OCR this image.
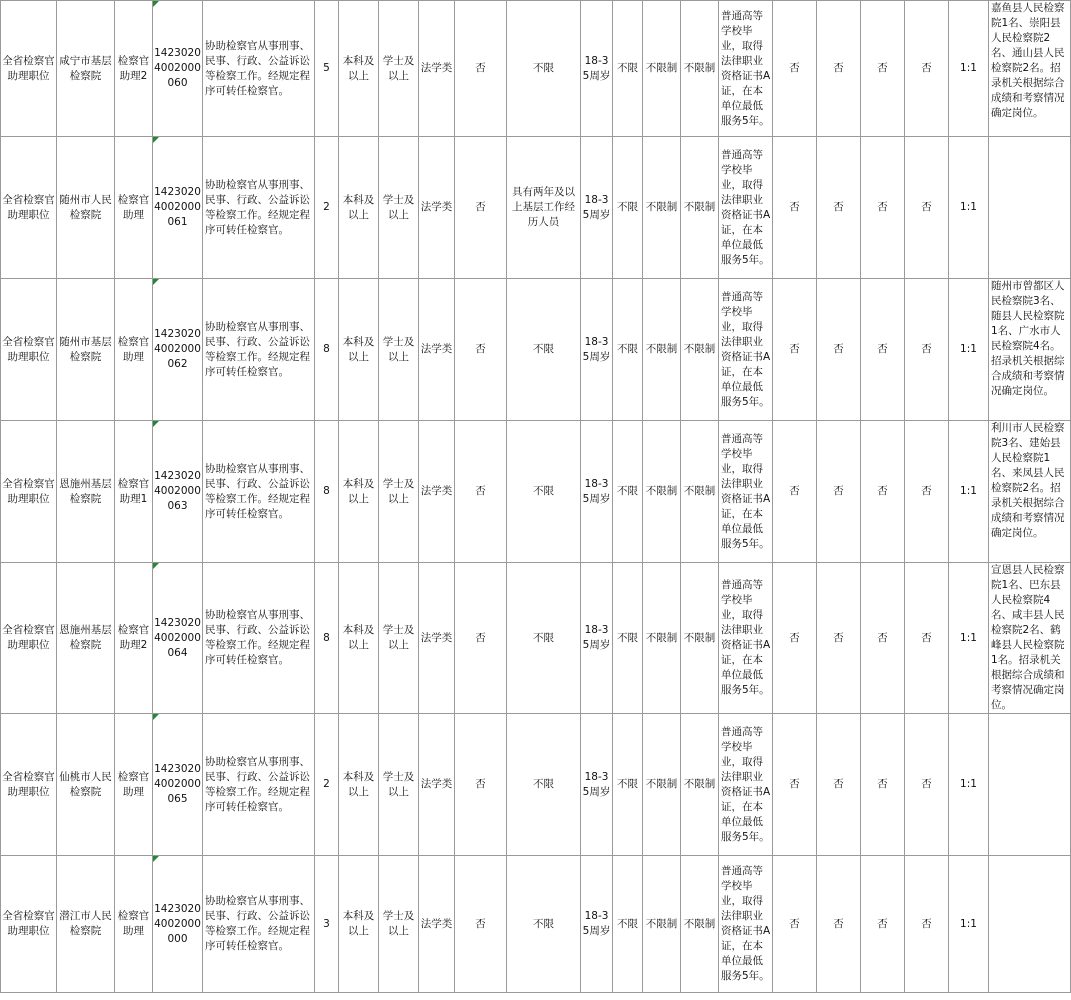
全省检察官助理职位	咸宁市基层检察院	检察官助理2	14230204002000060	协助检察官从事刑事、民事、行政、公益诉讼等检察工作。经规定程序可转任检察官。	5	本科及以上	学士及以上	法学类	否	不限	18-35周岁	不限	不限制	不限制	普通高等学校毕业，取得法律职业资格证书A证，在本单位最低服务5年。	否	否	否	否	1:1	嘉鱼县人民检察院1名、崇阳县人民检察院2名、通山县人民检察院2名。招录机关根据综合成绩和考察情况确定岗位。
全省检察官助理职位	随州市人民检察院	检察官助理	14230204002000061	协助检察官从事刑事、民事、行政、公益诉讼等检察工作。经规定程序可转任检察官。	2	本科及以上	学士及以上	法学类	否	具有两年及以上基层工作经历人员	18-35周岁	不限	不限制	不限制	普通高等学校毕业，取得法律职业资格证书A证，在本单位最低服务5年。	否	否	否	否	1:1	
全省检察官助理职位	随州市基层检察院	检察官助理	14230204002000062	协助检察官从事刑事、民事、行政、公益诉讼等检察工作。经规定程序可转任检察官。	8	本科及以上	学士及以上	法学类	否	不限	18-35周岁	不限	不限制	不限制	普通高等学校毕业，取得法律职业资格证书A证，在本单位最低服务5年。	否	否	否	否	1:1	随州市曾都区人民检察院3名、随县人民检察院1名、广水市人民检察院4名。招录机关根据综合成绩和考察情况确定岗位。
全省检察官助理职位	恩施州基层检察院	检察官助理1	14230204002000063	协助检察官从事刑事、民事、行政、公益诉讼等检察工作。经规定程序可转任检察官。	8	本科及以上	学士及以上	法学类	否	不限	18-35周岁	不限	不限制	不限制	普通高等学校毕业，取得法律职业资格证书A证，在本单位最低服务5年。	否	否	否	否	1:1	利川市人民检察院3名、建始县人民检察院1名、来凤县人民检察院2名。招录机关根据综合成绩和考察情况确定岗位。
全省检察官助理职位	恩施州基层检察院	检察官助理2	14230204002000064	协助检察官从事刑事、民事、行政、公益诉讼等检察工作。经规定程序可转任检察官。	8	本科及以上	学士及以上	法学类	否	不限	18-35周岁	不限	不限制	不限制	普通高等学校毕业，取得法律职业资格证书A证，在本单位最低服务5年。	否	否	否	否	1:1	宣恩县人民检察院1名、巴东县人民检察院4名、咸丰县人民检察院2名、鹤峰县人民检察院1名。招录机关根据综合成绩和考察情况确定岗位。
全省检察官助理职位	仙桃市人民检察院	检察官助理	14230204002000065	协助检察官从事刑事、民事、行政、公益诉讼等检察工作。经规定程序可转任检察官。	2	本科及以上	学士及以上	法学类	否	不限	18-35周岁	不限	不限制	不限制	普通高等学校毕业，取得法律职业资格证书A证，在本单位最低服务5年。	否	否	否	否	1:1	
全省检察官助理职位	潜江市人民检察院	检察官助理	14230204002000000	协助检察官从事刑事、民事、行政、公益诉讼等检察工作。经规定程序可转任检察官。	3	本科及以上	学士及以上	法学类	否	不限	18-35周岁	不限	不限制	不限制	普通高等学校毕业，取得法律职业资格证书A证，在本单位最低服务5年。	否	否	否	否	1:1	
